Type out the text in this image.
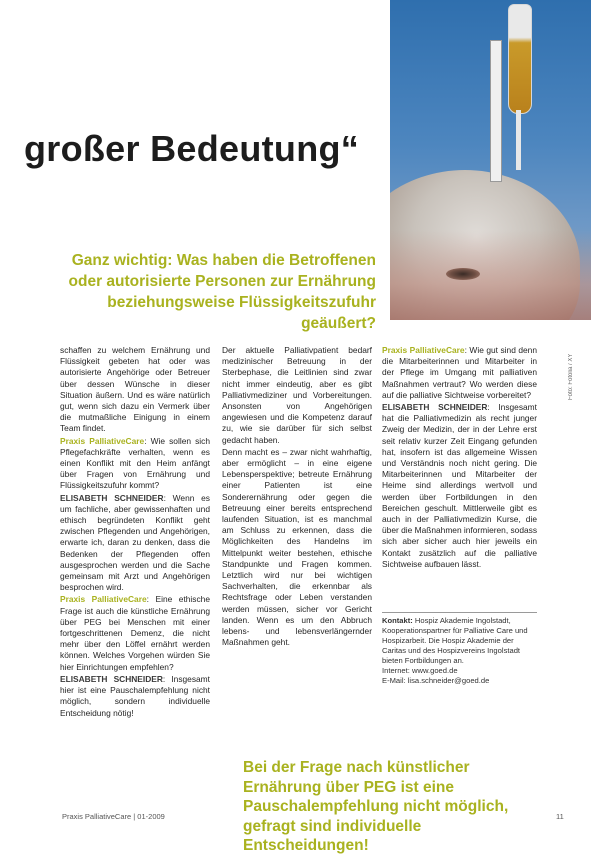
großer Bedeutung“

Ganz wichtig: Was haben die Betroffenen oder autorisierte Personen zur Ernährung beziehungsweise Flüssigkeitszufuhr geäußert?

schaffen zu welchem Ernährung und Flüssigkeit gebeten hat oder was autorisierte Angehörige oder Betreuer über dessen Wünsche in dieser Situation äußern. Und es wäre natürlich gut, wenn sich dazu ein Vermerk über die mutmaßliche Einigung in einem Team findet.

Praxis PalliativeCare: Wie sollen sich Pflegefachkräfte verhalten, wenn es einen Konflikt mit den Heim anfängt über Fragen von Ernährung und Flüssigkeitszufuhr kommt?

ELISABETH SCHNEIDER: Wenn es um fachliche, aber gewissenhaften und ethisch begründeten Konflikt geht zwischen Pflegenden und Angehörigen, erwarte ich, daran zu denken, dass die Bedenken der Pflegenden offen ausgesprochen werden und die Sache gemeinsam mit Arzt und Angehörigen besprochen wird.

Praxis PalliativeCare: Eine ethische Frage ist auch die künstliche Ernährung über PEG bei Menschen mit einer fortgeschrittenen Demenz, die nicht mehr über den Löffel ernährt werden können. Welches Vorgehen würden Sie hier Einrichtungen empfehlen?

ELISABETH SCHNEIDER: Insgesamt hier ist eine Pauschalempfehlung nicht möglich, sondern individuelle Entscheidung nötig!

Der aktuelle Palliativpatient bedarf medizinischer Betreuung in der Sterbephase, die Leitlinien sind zwar nicht immer eindeutig, aber es gibt Palliativmediziner und Vorbereitungen. Ansonsten von Angehörigen angewiesen und die Kompetenz darauf zu, wie sie darüber für sich selbst gedacht haben.

Denn macht es – zwar nicht wahrhaftig, aber ermöglicht – in eine eigene Lebensperspektive; betreute Ernährung einer Patienten ist eine Sonderernährung oder gegen die Betreuung einer bereits entsprechend laufenden Situation, ist es manchmal am Schluss zu erkennen, dass die Möglichkeiten des Handelns im Mittelpunkt weiter bestehen, ethische Standpunkte und Fragen kommen. Letztlich wird nur bei wichtigen Sachverhalten, die erkennbar als Rechtsfrage oder Leben verstanden werden müssen, sicher vor Gericht landen. Wenn es um den Abbruch lebens- und lebensverlängernder Maßnahmen geht.

Praxis PalliativeCare: Wie gut sind denn die Mitarbeiterinnen und Mitarbeiter in der Pflege im Umgang mit palliativen Maßnahmen vertraut? Wo werden diese auf die palliative Sichtweise vorbereitet?

ELISABETH SCHNEIDER: Insgesamt hat die Palliativmedizin als recht junger Zweig der Medizin, der in der Lehre erst seit relativ kurzer Zeit Eingang gefunden hat, insofern ist das allgemeine Wissen und Verständnis noch nicht gering. Die Mitarbeiterinnen und Mitarbeiter der Heime sind allerdings wertvoll und werden über Fortbildungen in den Bereichen geschult. Mittlerweile gibt es auch in der Palliativmedizin Kurse, die über die Maßnahmen informieren, sodass sich aber sicher auch hier jeweils ein Kontakt zusätzlich auf die palliative Sichtweise aufbauen lässt.

Kontakt: Hospiz Akademie Ingolstadt, Kooperationspartner für Palliative Care und Hospizarbeit. Die Hospiz Akademie der Caritas und des Hospizvereins Ingolstadt bieten Fortbildungen an.

Internet: www.goed.de

E-Mail: lisa.schneider@goed.de

Bei der Frage nach künstlicher Ernährung über PEG ist eine Pauschalempfehlung nicht möglich, gefragt sind individuelle Entscheidungen!

Praxis PalliativeCare | 01-2009	11
Foto: Fotolia / XY
